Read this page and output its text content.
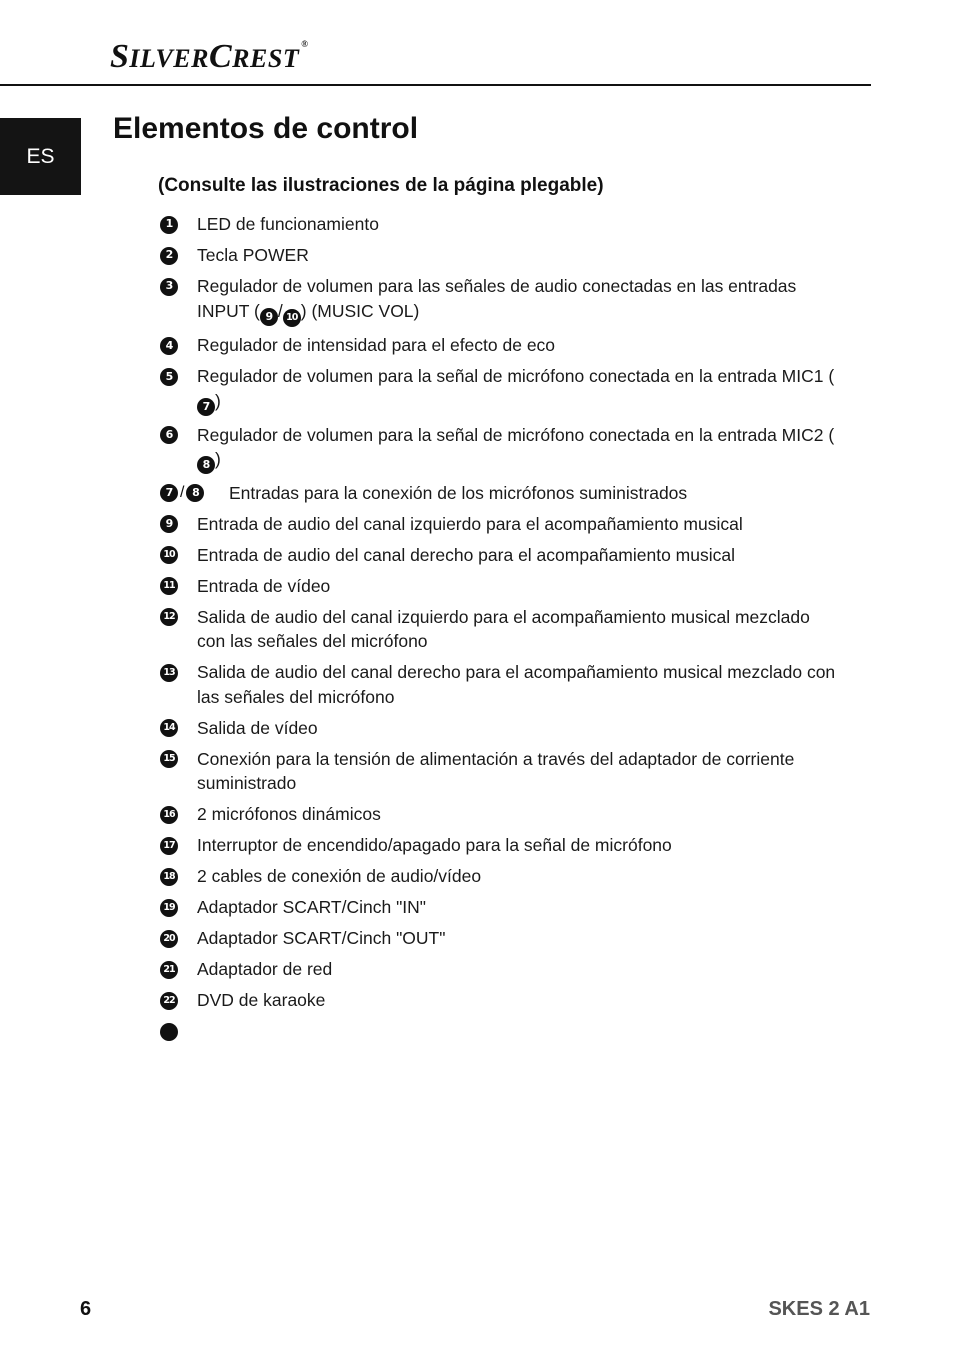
SILVERCREST ®
ES
Elementos de control
(Consulte las ilustraciones de la página plegable)
1	LED de funcionamiento
2	Tecla POWER
3	Regulador de volumen para las señales de audio conectadas en las entradas INPUT ( 9 / 10 ) (MUSIC VOL)
4	Regulador de intensidad para el efecto de eco
5	Regulador de volumen para la señal de micrófono conectada en la entrada MIC1 (7 )
6	Regulador de volumen para la señal de micrófono conectada en la entrada MIC2 (8 )
7 / 8	Entradas para la conexión de los micrófonos suministrados
9	Entrada de audio del canal izquierdo para el acompañamiento musical
10 Entrada de audio del canal derecho para el acompañamiento musical
11 Entrada de vídeo
12 Salida de audio del canal izquierdo para el acompañamiento musical mezclado con las señales del micrófono
13 Salida de audio del canal derecho para el acompañamiento musical mezclado con las señales del micrófono
14 Salida de vídeo
15 Conexión para la tensión de alimentación a través del adaptador de corriente suministrado
16 2 micrófonos dinámicos
17 Interruptor de encendido/apagado para la señal de micrófono
18 2 cables de conexión de audio/vídeo
19 Adaptador SCART/Cinch "IN"
20 Adaptador SCART/Cinch "OUT"
21 Adaptador de red
22 DVD de karaoke
6	SKES 2 A1
